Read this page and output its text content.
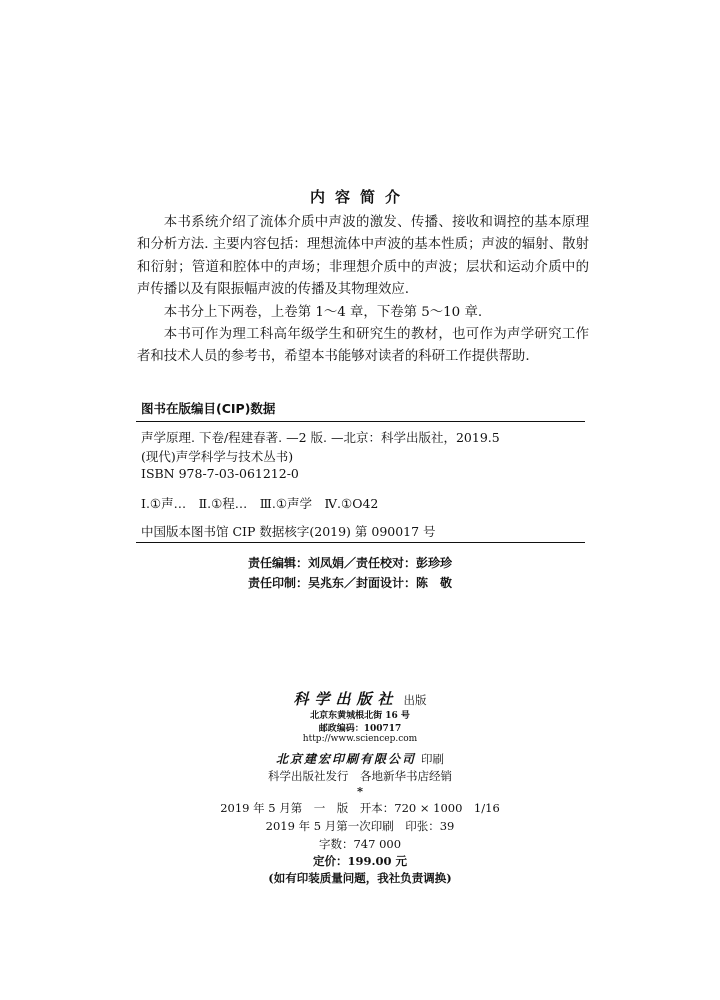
内容简介

本书系统介绍了流体介质中声波的激发、传播、接收和调控的基本原理和分析方法. 主要内容包括：理想流体中声波的基本性质；声波的辐射、散射和衍射；管道和腔体中的声场；非理想介质中的声波；层状和运动介质中的声传播以及有限振幅声波的传播及其物理效应.

本书分上下两卷，上卷第 1～4 章，下卷第 5～10 章.

本书可作为理工科高年级学生和研究生的教材，也可作为声学研究工作者和技术人员的参考书，希望本书能够对读者的科研工作提供帮助.

图书在版编目(CIP)数据
声学原理. 下卷/程建春著. —2 版. —北京：科学出版社，2019.5
(现代)声学科学与技术丛书)
ISBN 978-7-03-061212-0
Ⅰ.①声…　Ⅱ.①程…　Ⅲ.①声学　Ⅳ.①O42
中国版本图书馆 CIP 数据核字(2019) 第 090017 号
责任编辑：刘凤娟／责任校对：彭珍珍
责任印制：吴兆东／封面设计：陈　敬
科学出版社 出版
北京东黄城根北街 16 号
邮政编码：100717
http://www.sciencep.com
北京建宏印刷有限公司 印刷
科学出版社发行　各地新华书店经销
*
2019 年 5 月第　一　版　开本：720 × 1000　1/16
2019 年 5 月第一次印刷　印张：39
字数：747 000
定价：199.00 元
(如有印装质量问题，我社负责调换)
